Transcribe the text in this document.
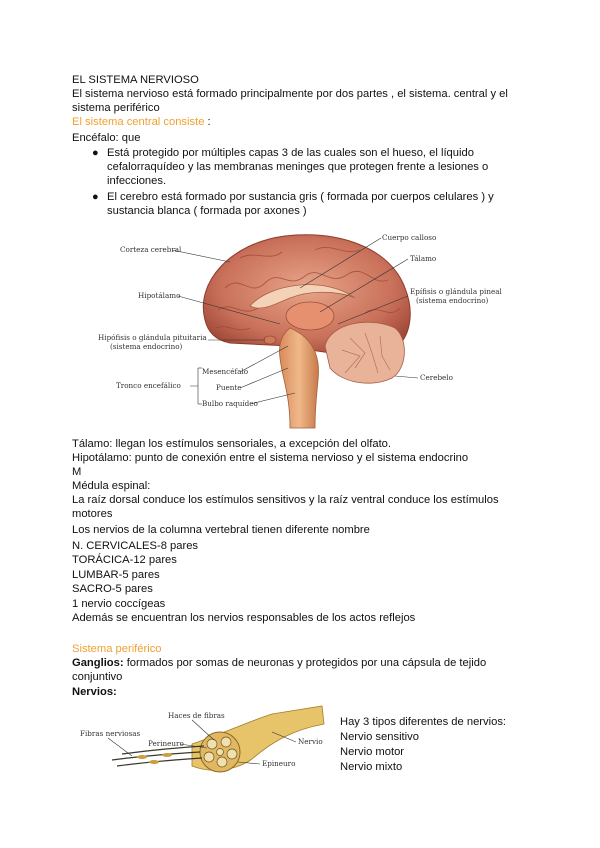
EL SISTEMA NERVIOSO
El sistema nervioso está formado principalmente por dos partes , el sistema. central y el sistema periférico
El sistema central consiste :
Encéfalo: que
● Está protegido por múltiples capas 3 de las cuales son el hueso, el líquido cefalorraquídeo y las membranas meninges que protegen frente a lesiones o infecciones.
● El cerebro está formado por sustancia gris ( formada por cuerpos celulares ) y sustancia blanca ( formada por axones )
Corteza cerebral
Cuerpo calloso
Tálamo
Hipotálamo	Epífisis o glándula pineal
(sistema endocrino)
Hipófisis o glándula pituitaria
(sistema endocrino)
Mesencéfalo
Tronco encefálico	Puente
Cerebelo
Bulbo raquídeo
Tálamo: llegan los estímulos sensoriales, a excepción del olfato.
Hipotálamo: punto de conexión entre el sistema nervioso y el sistema endocrino
M
Médula espinal:
La raíz dorsal conduce los estímulos sensitivos y la raíz ventral conduce los estímulos motores
Los nervios de la columna vertebral tienen diferente nombre
N. CERVICALES-8 pares
TORÁCICA-12 pares
LUMBAR-5 pares
SACRO-5 pares
1 nervio coccígeas
Además se encuentran los nervios responsables de los actos reflejos
Sistema periférico
Ganglios: formados por somas de neuronas y protegidos por una cápsula de tejido conjuntivo
Nervios:
Fibras nerviosas
Haces de fibras
Perineuro	Nervio
Epineuro
Hay 3 tipos diferentes de nervios:
Nervio sensitivo
Nervio motor
Nervio mixto
